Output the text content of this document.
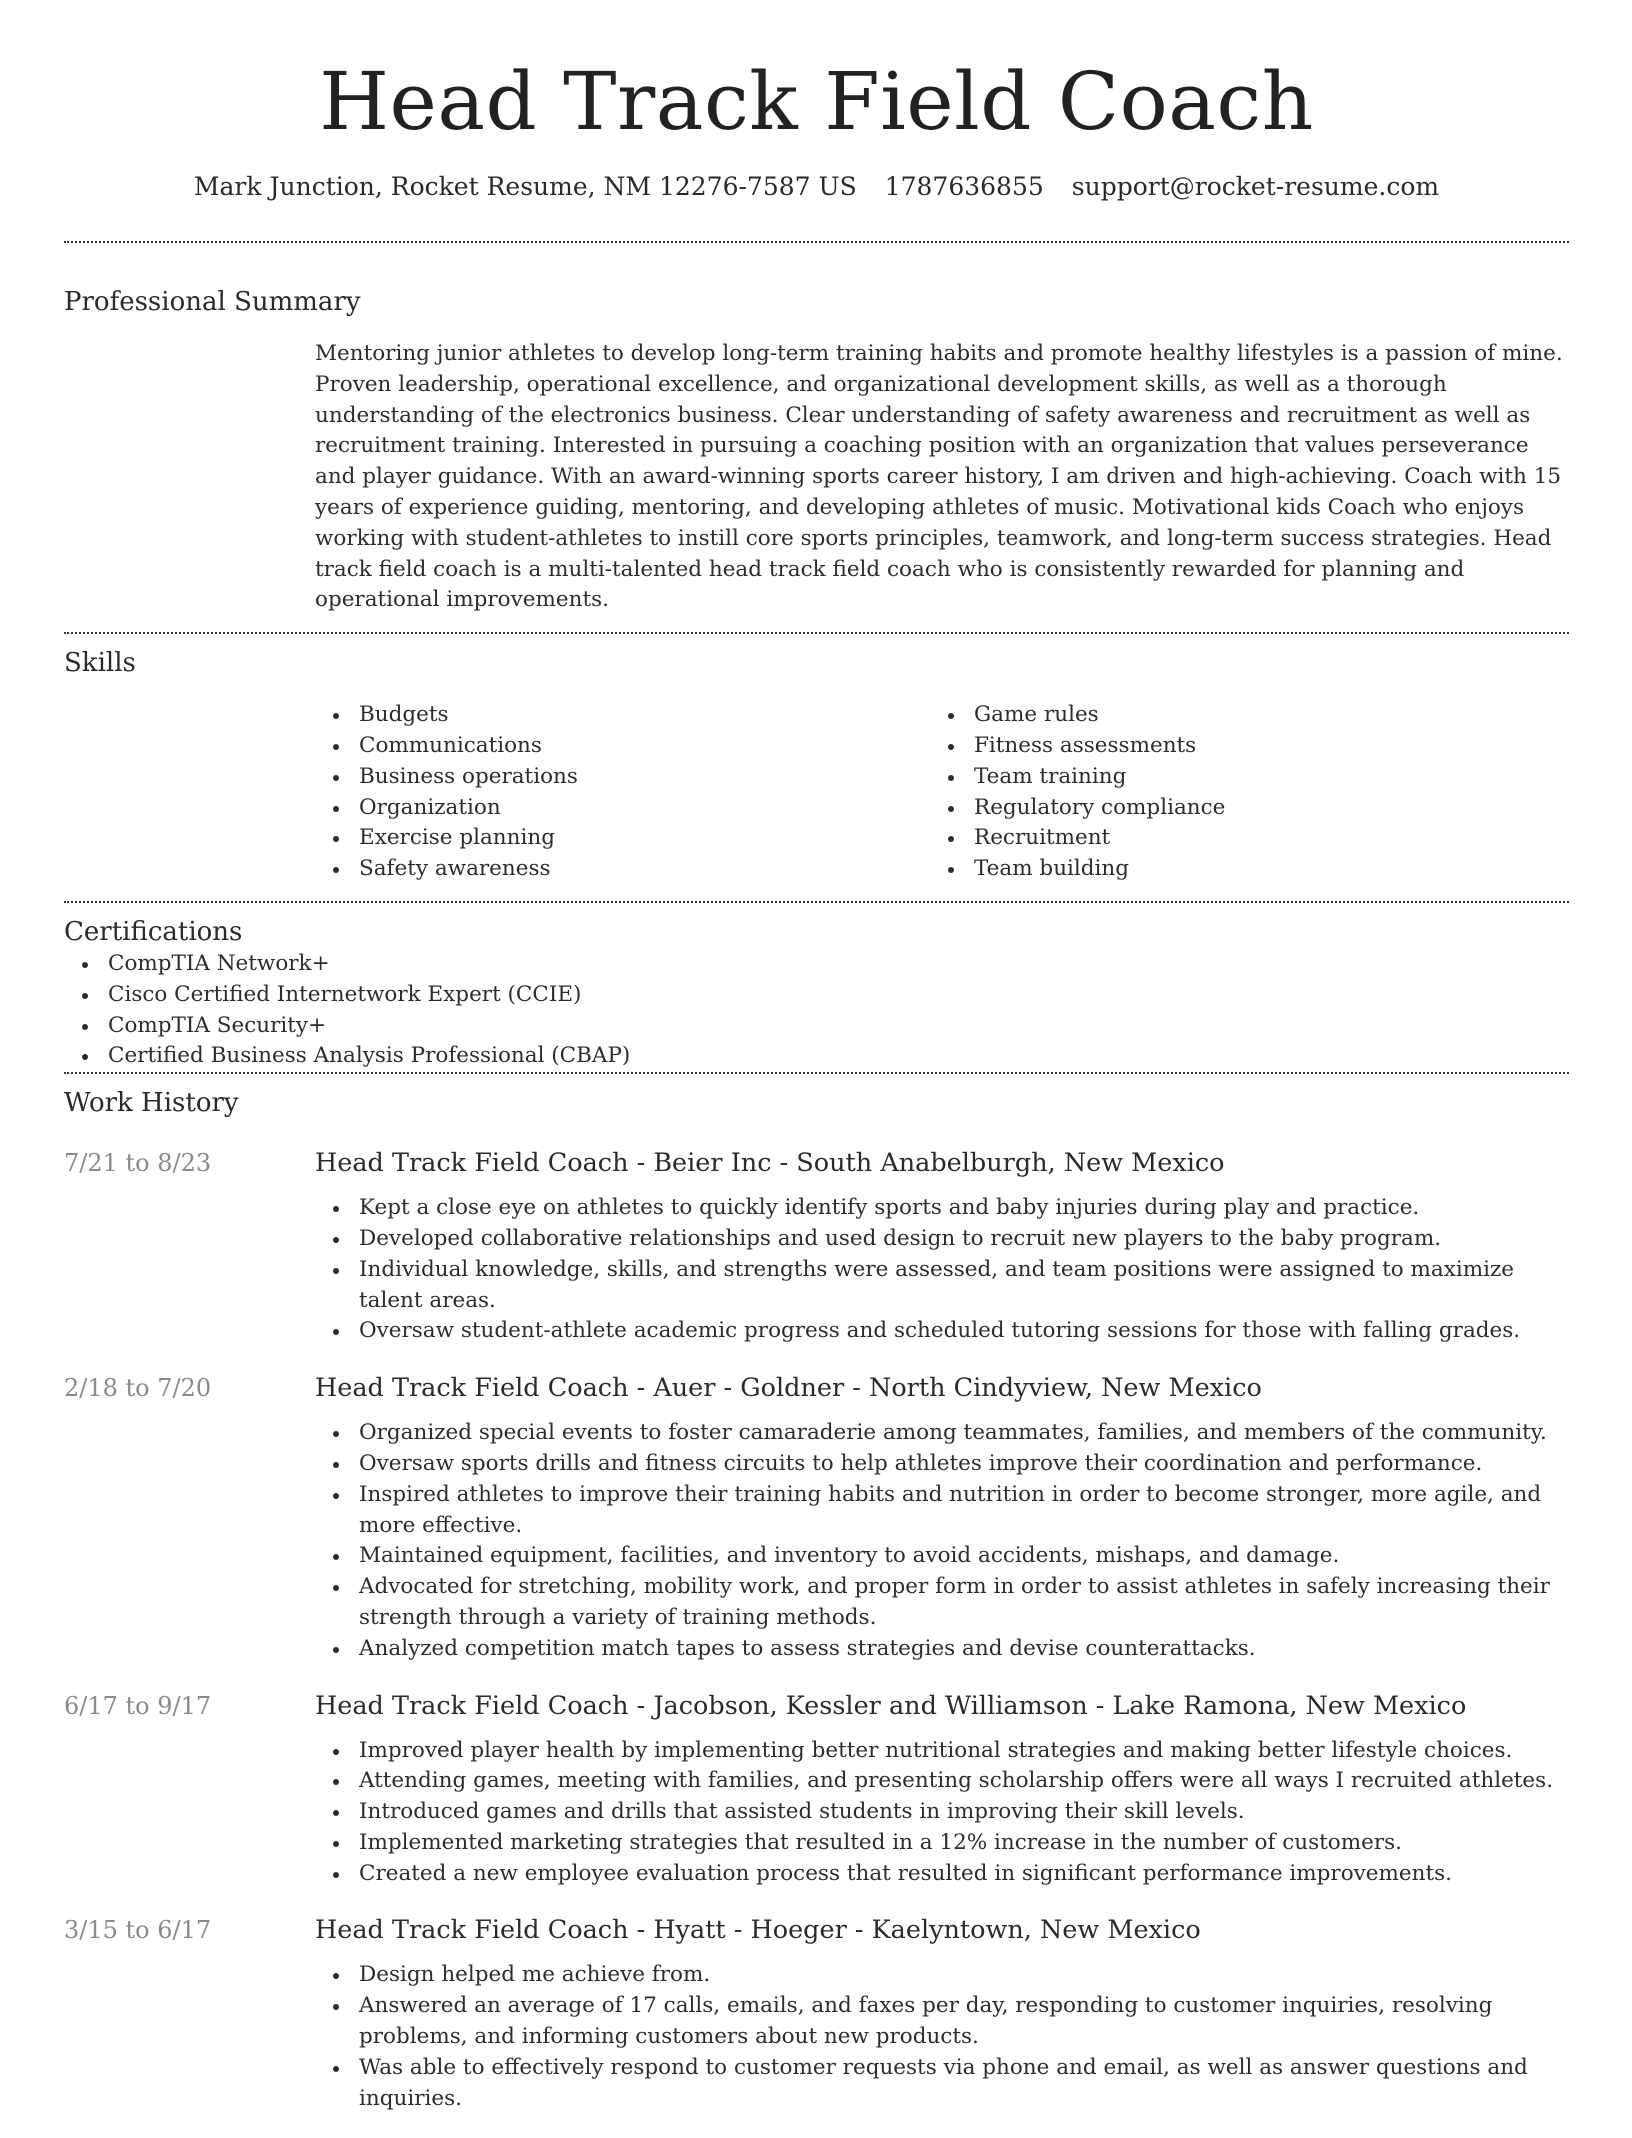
Head Track Field Coach
Mark Junction, Rocket Resume, NM 12276-7587 US 1787636855 support@rocket-resume.com
Professional Summary

Mentoring junior athletes to develop long-term training habits and promote healthy lifestyles is a passion of mine. Proven leadership, operational excellence, and organizational development skills, as well as a thorough understanding of the electronics business. Clear understanding of safety awareness and recruitment as well as recruitment training. Interested in pursuing a coaching position with an organization that values perseverance and player guidance. With an award-winning sports career history, I am driven and high-achieving. Coach with 15 years of experience guiding, mentoring, and developing athletes of music. Motivational kids Coach who enjoys working with student-athletes to instill core sports principles, teamwork, and long-term success strategies. Head track field coach is a multi-talented head track field coach who is consistently rewarded for planning and operational improvements.

Skills
Budgets
Communications
Business operations
Organization
Exercise planning
Safety awareness
Game rules
Fitness assessments
Team training
Regulatory compliance
Recruitment
Team building
Certifications
CompTIA Network+
Cisco Certified Internetwork Expert (CCIE)
CompTIA Security+
Certified Business Analysis Professional (CBAP)
Work History
7/21 to 8/23	Head Track Field Coach - Beier Inc - South Anabelburgh, New Mexico
Kept a close eye on athletes to quickly identify sports and baby injuries during play and practice.
Developed collaborative relationships and used design to recruit new players to the baby program.
Individual knowledge, skills, and strengths were assessed, and team positions were assigned to maximize talent areas.
Oversaw student-athlete academic progress and scheduled tutoring sessions for those with falling grades.
2/18 to 7/20	Head Track Field Coach - Auer - Goldner - North Cindyview, New Mexico
Organized special events to foster camaraderie among teammates, families, and members of the community.
Oversaw sports drills and fitness circuits to help athletes improve their coordination and performance.
Inspired athletes to improve their training habits and nutrition in order to become stronger, more agile, and more effective.
Maintained equipment, facilities, and inventory to avoid accidents, mishaps, and damage.
Advocated for stretching, mobility work, and proper form in order to assist athletes in safely increasing their strength through a variety of training methods.
Analyzed competition match tapes to assess strategies and devise counterattacks.
6/17 to 9/17	Head Track Field Coach - Jacobson, Kessler and Williamson - Lake Ramona, New Mexico
Improved player health by implementing better nutritional strategies and making better lifestyle choices.
Attending games, meeting with families, and presenting scholarship offers were all ways I recruited athletes.
Introduced games and drills that assisted students in improving their skill levels.
Implemented marketing strategies that resulted in a 12% increase in the number of customers.
Created a new employee evaluation process that resulted in significant performance improvements.
3/15 to 6/17	Head Track Field Coach - Hyatt - Hoeger - Kaelyntown, New Mexico
Design helped me achieve from.
Answered an average of 17 calls, emails, and faxes per day, responding to customer inquiries, resolving problems, and informing customers about new products.
Was able to effectively respond to customer requests via phone and email, as well as answer questions and inquiries.
